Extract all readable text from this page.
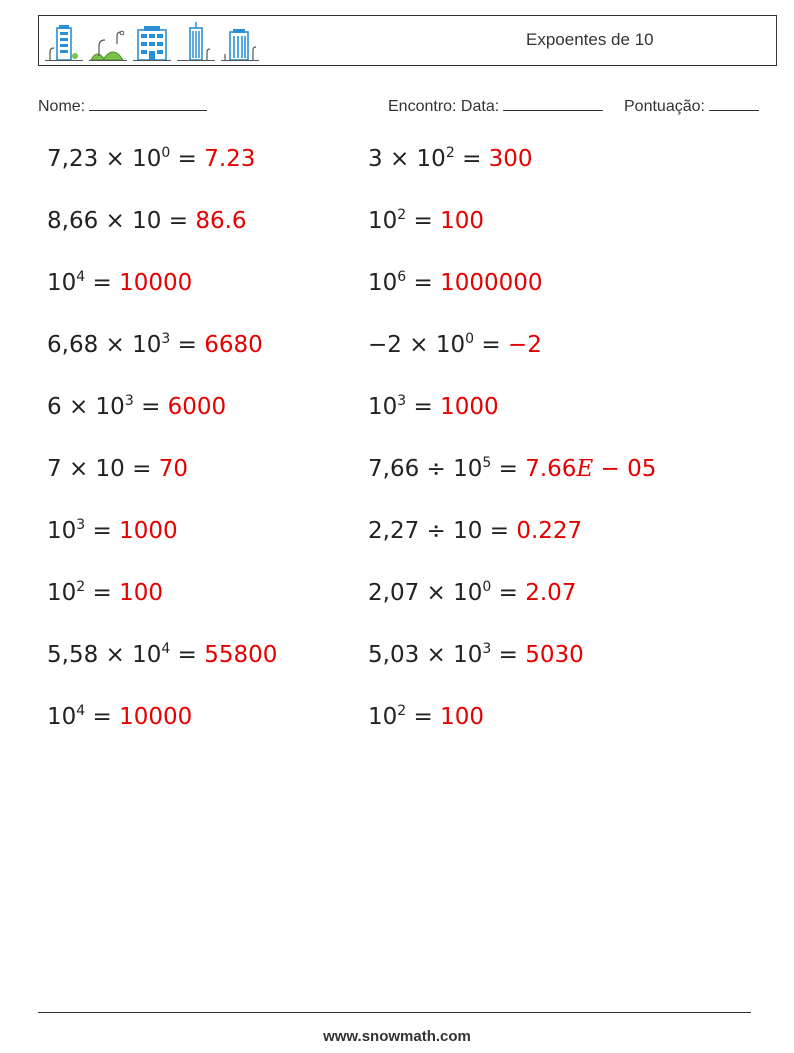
Expoentes de 10
Nome:	Encontro: Data:	Pontuação:
$7,23 \times 10^0 = 7.23$	$3 \times 10^2 = 300$
8,66 × 10 = 86.6	$10^2 = 100$
$10^4 = 10000$	$10^6 = 1000000$
$6,68 \times 10^3 = 6680$	$-2 \times 10^0 = -2$
$6 \times 10^3 = 6000$	$10^3 = 1000$
7 × 10 = 70	$7,66 \div 10^5 = 7.66E - 05$
$10^3 = 1000$	2,27 ÷ 10 = 0.227
$10^2 = 100$	$2,07 \times 10^0 = 2.07$
$5,58 \times 10^4 = 55800$	$5,03 \times 10^3 = 5030$
$10^4 = 10000$	$10^2 = 100$
www.snowmath.com
